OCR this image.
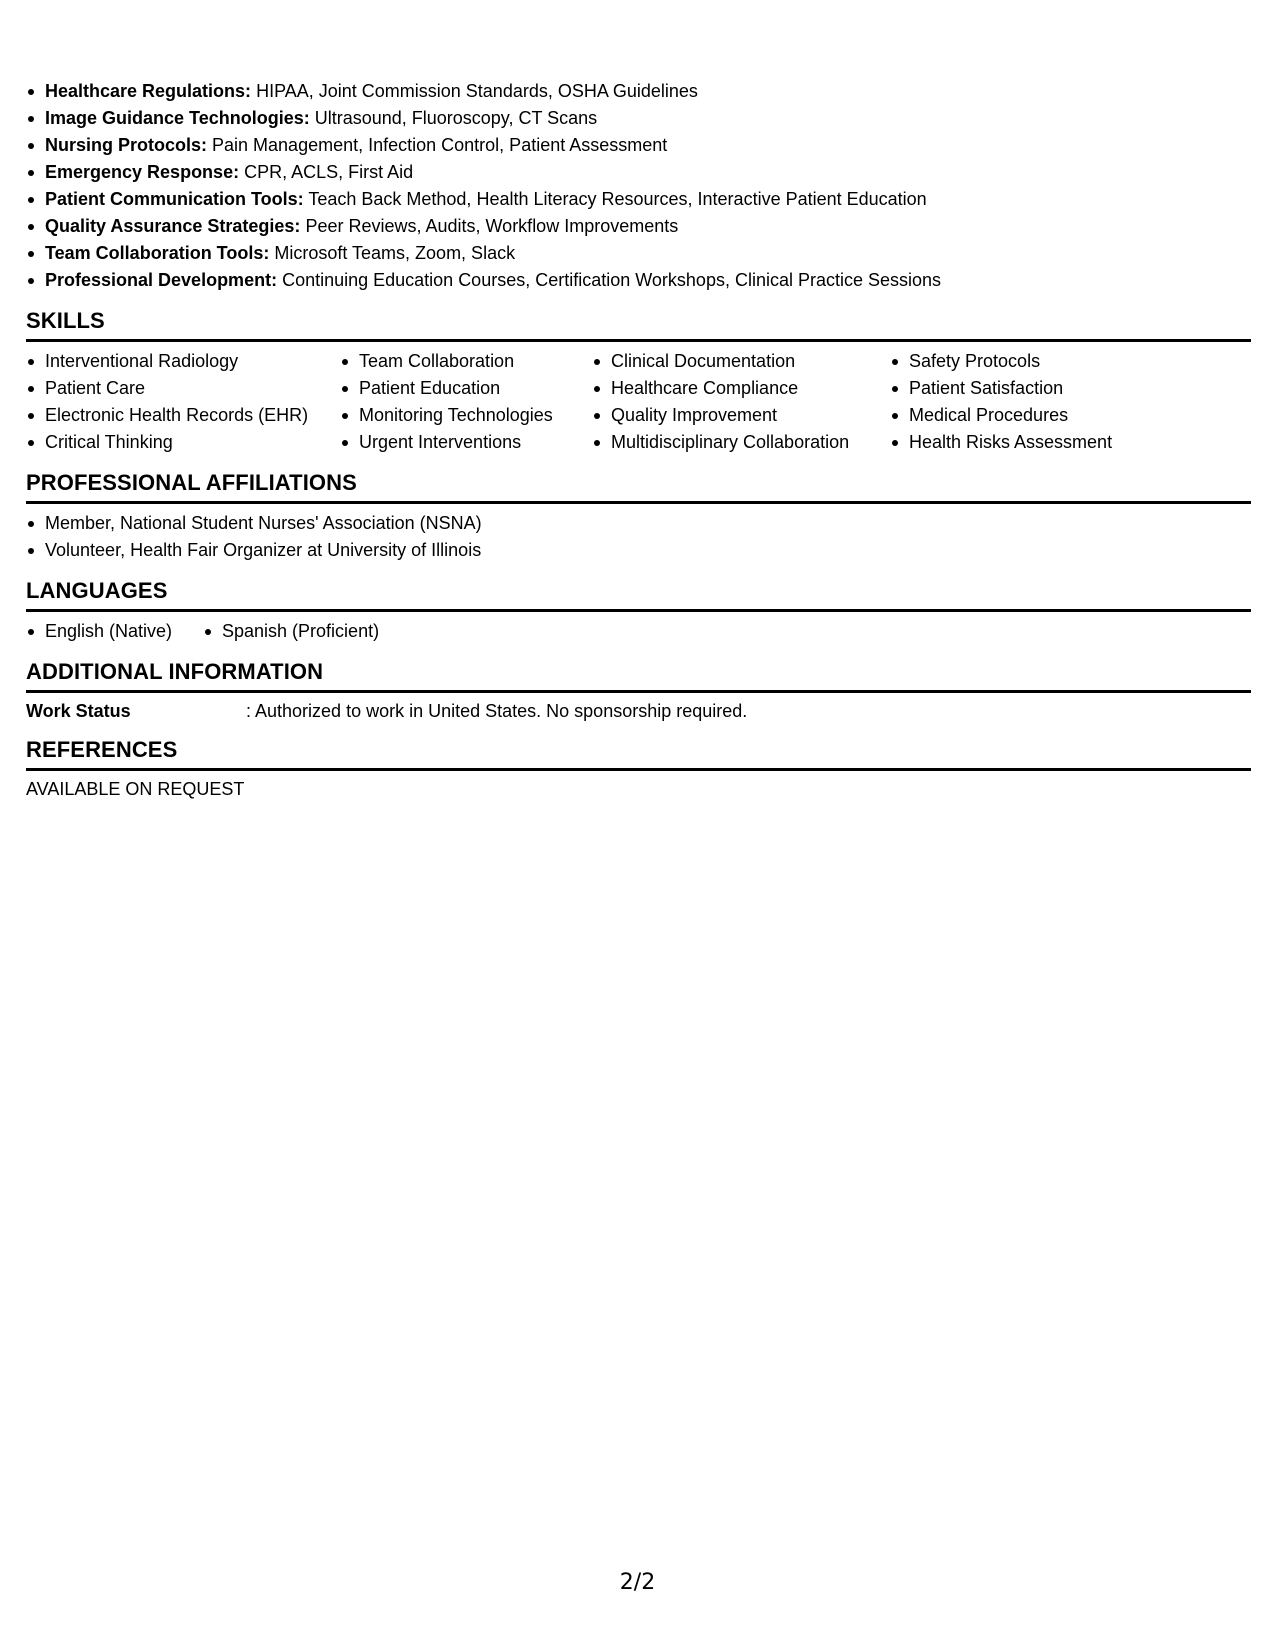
Healthcare Regulations: HIPAA, Joint Commission Standards, OSHA Guidelines
Image Guidance Technologies: Ultrasound, Fluoroscopy, CT Scans
Nursing Protocols: Pain Management, Infection Control, Patient Assessment
Emergency Response: CPR, ACLS, First Aid
Patient Communication Tools: Teach Back Method, Health Literacy Resources, Interactive Patient Education
Quality Assurance Strategies: Peer Reviews, Audits, Workflow Improvements
Team Collaboration Tools: Microsoft Teams, Zoom, Slack
Professional Development: Continuing Education Courses, Certification Workshops, Clinical Practice Sessions
SKILLS
Interventional Radiology
Patient Care
Electronic Health Records (EHR)
Critical Thinking
Team Collaboration
Patient Education
Monitoring Technologies
Urgent Interventions
Clinical Documentation
Healthcare Compliance
Quality Improvement
Multidisciplinary Collaboration
Safety Protocols
Patient Satisfaction
Medical Procedures
Health Risks Assessment
PROFESSIONAL AFFILIATIONS
Member, National Student Nurses' Association (NSNA)
Volunteer, Health Fair Organizer at University of Illinois
LANGUAGES
English (Native)	Spanish (Proficient)
ADDITIONAL INFORMATION
Work Status	: Authorized to work in United States. No sponsorship required.
REFERENCES
AVAILABLE ON REQUEST
2/2
